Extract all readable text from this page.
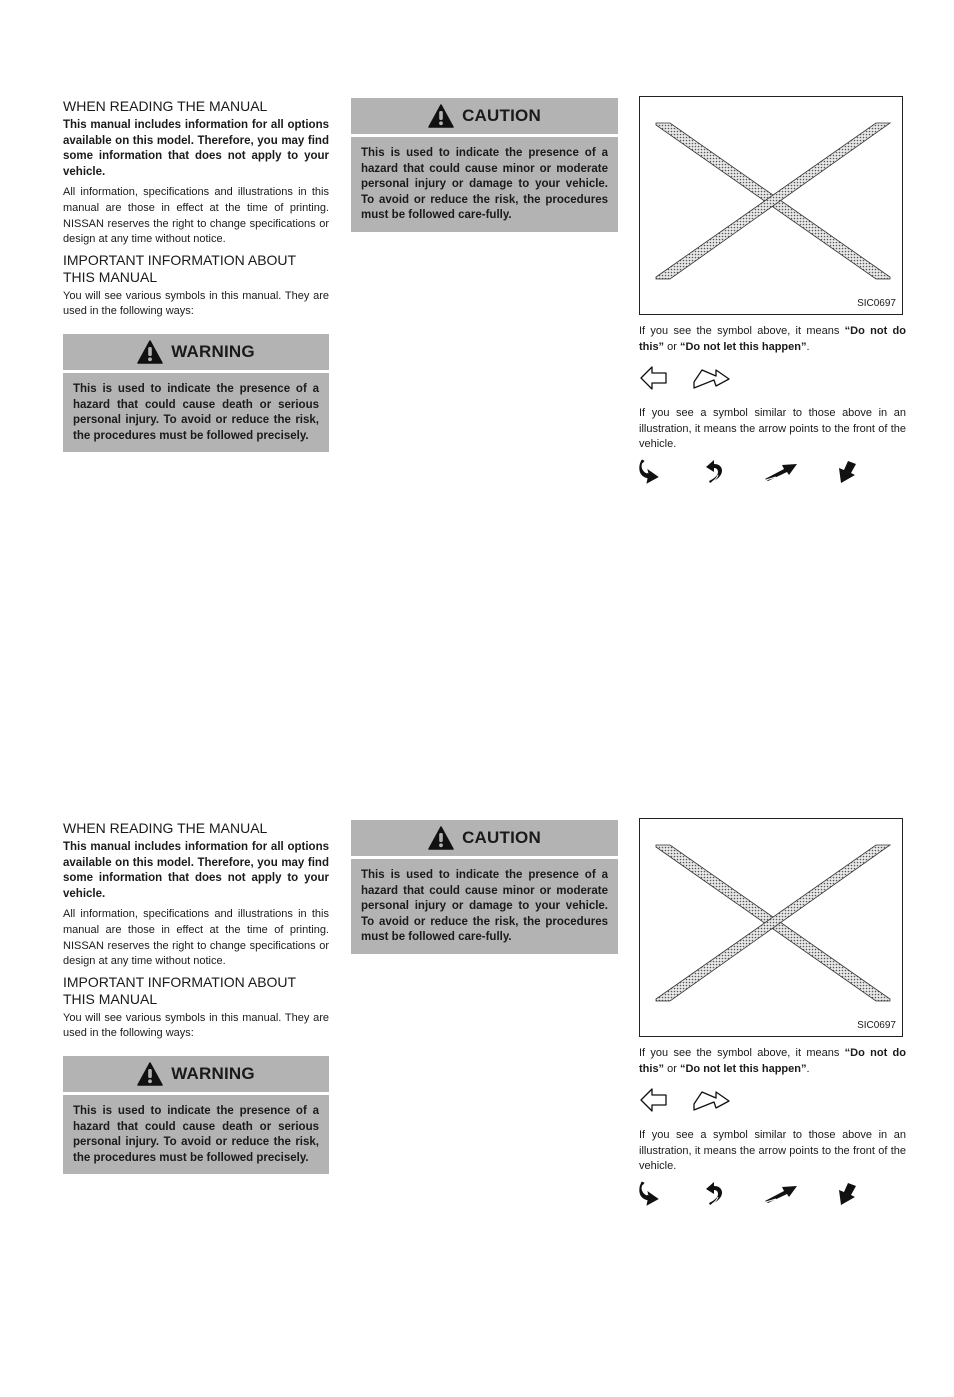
WHEN READING THE MANUAL
This manual includes information for all options available on this model. Therefore, you may find some information that does not apply to your vehicle.
All information, specifications and illustrations in this manual are those in effect at the time of printing. NISSAN reserves the right to change specifications or design at any time without notice.
IMPORTANT INFORMATION ABOUT
THIS MANUAL
You will see various symbols in this manual. They are used in the following ways:
WARNING
This is used to indicate the presence of a hazard that could cause death or serious personal injury. To avoid or reduce the risk, the procedures must be followed precisely.
CAUTION
This is used to indicate the presence of a hazard that could cause minor or moderate personal injury or damage to your vehicle. To avoid or reduce the risk, the procedures must be followed care-fully.
SIC0697
If you see the symbol above, it means “Do not do this” or “Do not let this happen”.
If you see a symbol similar to those above in an illustration, it means the arrow points to the front of the vehicle.
WHEN READING THE MANUAL
This manual includes information for all options available on this model. Therefore, you may find some information that does not apply to your vehicle.
All information, specifications and illustrations in this manual are those in effect at the time of printing. NISSAN reserves the right to change specifications or design at any time without notice.
IMPORTANT INFORMATION ABOUT
THIS MANUAL
You will see various symbols in this manual. They are used in the following ways:
WARNING
This is used to indicate the presence of a hazard that could cause death or serious personal injury. To avoid or reduce the risk, the procedures must be followed precisely.
CAUTION
This is used to indicate the presence of a hazard that could cause minor or moderate personal injury or damage to your vehicle. To avoid or reduce the risk, the procedures must be followed care-fully.
SIC0697
If you see the symbol above, it means “Do not do this” or “Do not let this happen”.
If you see a symbol similar to those above in an illustration, it means the arrow points to the front of the vehicle.
